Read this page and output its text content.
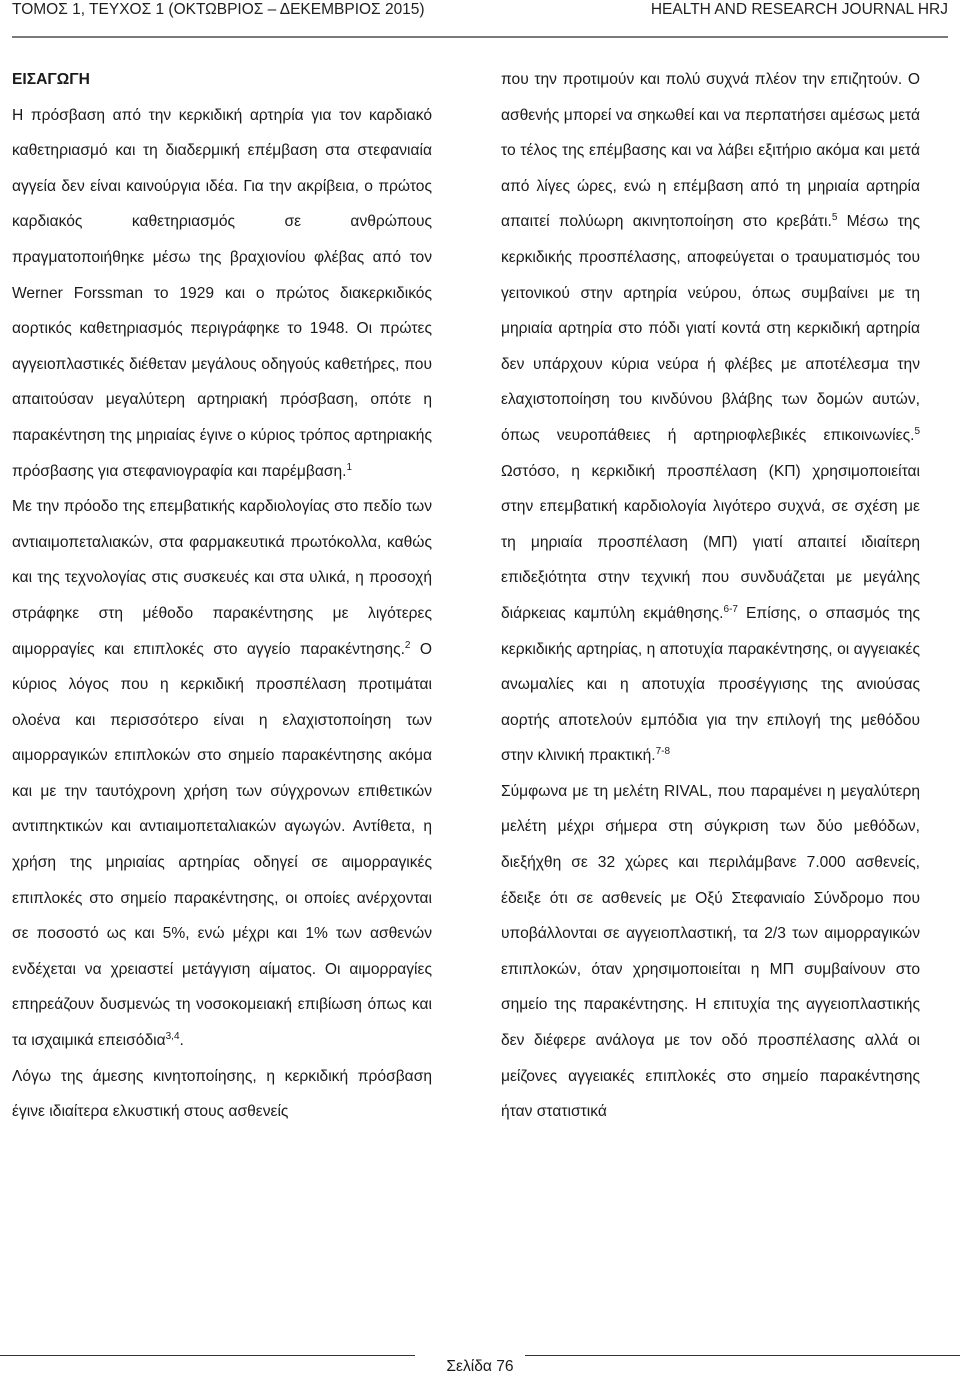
ΤΟΜΟΣ 1, ΤΕΥΧΟΣ 1 (ΟΚΤΩΒΡΙΟΣ – ΔΕΚΕΜΒΡΙΟΣ 2015)	HEALTH AND RESEARCH JOURNAL HRJ
ΕΙΣΑΓΩΓΗ

Η πρόσβαση από την κερκιδική αρτηρία για τον καρδιακό καθετηριασμό και τη διαδερμική επέμβαση στα στεφανιαία αγγεία δεν είναι καινούργια ιδέα. Για την ακρίβεια, ο πρώτος καρδιακός καθετηριασμός σε ανθρώπους πραγματοποιήθηκε μέσω της βραχιονίου φλέβας από τον Werner Forssman το 1929 και ο πρώτος διακερκιδικός αορτικός καθετηριασμός περιγράφηκε το 1948. Οι πρώτες αγγειοπλαστικές διέθεταν μεγάλους οδηγούς καθετήρες, που απαιτούσαν μεγαλύτερη αρτηριακή πρόσβαση, οπότε η παρακέντηση της μηριαίας έγινε ο κύριος τρόπος αρτηριακής πρόσβασης για στεφανιογραφία και παρέμβαση.$^1$

Με την πρόοδο της επεμβατικής καρδιολογίας στο πεδίο των αντιαιμοπεταλιακών, στα φαρμακευτικά πρωτόκολλα, καθώς και της τεχνολογίας στις συσκευές και στα υλικά, η προσοχή στράφηκε στη μέθοδο παρακέντησης με λιγότερες αιμορραγίες και επιπλοκές στο αγγείο παρακέντησης.$^2$ Ο κύριος λόγος που η κερκιδική προσπέλαση προτιμάται ολοένα και περισσότερο είναι η ελαχιστοποίηση των αιμορραγικών επιπλοκών στο σημείο παρακέντησης ακόμα και με την ταυτόχρονη χρήση των σύγχρονων επιθετικών αντιπηκτικών και αντιαιμοπεταλιακών αγωγών. Αντίθετα, η χρήση της μηριαίας αρτηρίας οδηγεί σε αιμορραγικές επιπλοκές στο σημείο παρακέντησης, οι οποίες ανέρχονται σε ποσοστό ως και 5%, ενώ μέχρι και 1% των ασθενών ενδέχεται να χρειαστεί μετάγγιση αίματος. Οι αιμορραγίες επηρεάζουν δυσμενώς τη νοσοκομειακή επιβίωση όπως και τα ισχαιμικά επεισόδια$^{3,4}$.

Λόγω της άμεσης κινητοποίησης, η κερκιδική πρόσβαση έγινε ιδιαίτερα ελκυστική στους ασθενείς

που την προτιμούν και πολύ συχνά πλέον την επιζητούν. Ο ασθενής μπορεί να σηκωθεί και να περπατήσει αμέσως μετά το τέλος της επέμβασης και να λάβει εξιτήριο ακόμα και μετά από λίγες ώρες, ενώ η επέμβαση από τη μηριαία αρτηρία απαιτεί πολύωρη ακινητοποίηση στο κρεβάτι.$^5$ Μέσω της κερκιδικής προσπέλασης, αποφεύγεται ο τραυματισμός του γειτονικού στην αρτηρία νεύρου, όπως συμβαίνει με τη μηριαία αρτηρία στο πόδι γιατί κοντά στη κερκιδική αρτηρία δεν υπάρχουν κύρια νεύρα ή φλέβες με αποτέλεσμα την ελαχιστοποίηση του κινδύνου βλάβης των δομών αυτών, όπως νευροπάθειες ή αρτηριοφλεβικές επικοινωνίες.$^5$ Ωστόσο, η κερκιδική προσπέλαση (ΚΠ) χρησιμοποιείται στην επεμβατική καρδιολογία λιγότερο συχνά, σε σχέση με τη μηριαία προσπέλαση (ΜΠ) γιατί απαιτεί ιδιαίτερη επιδεξιότητα στην τεχνική που συνδυάζεται με μεγάλης διάρκειας καμπύλη εκμάθησης.$^{6-7}$ Επίσης, ο σπασμός της κερκιδικής αρτηρίας, η αποτυχία παρακέντησης, οι αγγειακές ανωμαλίες και η αποτυχία προσέγγισης της ανιούσας αορτής αποτελούν εμπόδια για την επιλογή της μεθόδου στην κλινική πρακτική.$^{7-8}$

Σύμφωνα με τη μελέτη RIVAL, που παραμένει η μεγαλύτερη μελέτη μέχρι σήμερα στη σύγκριση των δύο μεθόδων, διεξήχθη σε 32 χώρες και περιλάμβανε 7.000 ασθενείς, έδειξε ότι σε ασθενείς με Οξύ Στεφανιαίο Σύνδρομο που υποβάλλονται σε αγγειοπλαστική, τα 2/3 των αιμορραγικών επιπλοκών, όταν χρησιμοποιείται η ΜΠ συμβαίνουν στο σημείο της παρακέντησης. Η επιτυχία της αγγειοπλαστικής δεν διέφερε ανάλογα με τον οδό προσπέλασης αλλά οι μείζονες αγγειακές επιπλοκές στο σημείο παρακέντησης ήταν στατιστικά

Σελίδα 76
